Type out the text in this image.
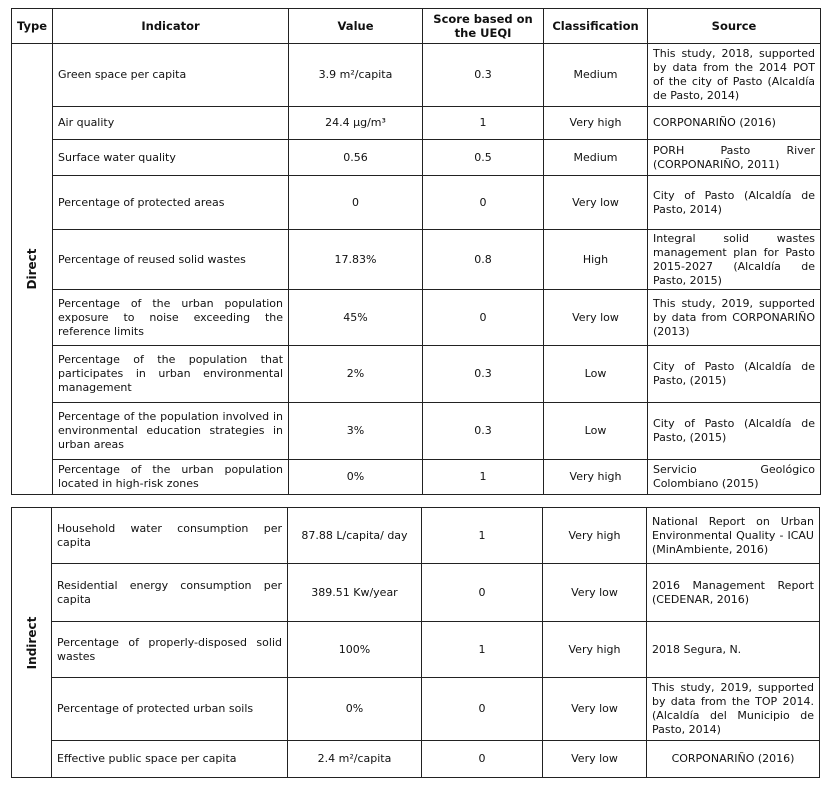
Type	Indicator	Value	Score based on the UEQI	Classification	Source

Direct	Green space per capita	3.9 m²/capita	0.3	Medium	This study, 2018, supported by data from the 2014 POT of the city of Pasto (Alcaldía de Pasto, 2014)
	Air quality	24.4 μg/m³	1	Very high	CORPONARIÑO (2016)
	Surface water quality	0.56	0.5	Medium	PORH Pasto River (CORPONARIÑO, 2011)
	Percentage of protected areas	0	0	Very low	City of Pasto (Alcaldía de Pasto, 2014)
	Percentage of reused solid wastes	17.83%	0.8	High	Integral solid wastes management plan for Pasto 2015-2027 (Alcaldía de Pasto, 2015)
	Percentage of the urban population exposure to noise exceeding the reference limits	45%	0	Very low	This study, 2019, supported by data from CORPONARIÑO (2013)
	Percentage of the population that participates in urban environmental management	2%	0.3	Low	City of Pasto (Alcaldía de Pasto, (2015)
	Percentage of the population involved in environmental education strategies in urban areas	3%	0.3	Low	City of Pasto (Alcaldía de Pasto, (2015)
	Percentage of the urban population located in high-risk zones	0%	1	Very high	Servicio Geológico Colombiano (2015)
Indirect	Household water consumption per capita	87.88 L/capita/ day	1	Very high	National Report on Urban Environmental Quality - ICAU (MinAmbiente, 2016)
	Residential energy consumption per capita	389.51 Kw/year	0	Very low	2016 Management Report (CEDENAR, 2016)
	Percentage of properly-disposed solid wastes	100%	1	Very high	2018 Segura, N.
	Percentage of protected urban soils	0%	0	Very low	This study, 2019, supported by data from the TOP 2014. (Alcaldía del Municipio de Pasto, 2014)
	Effective public space per capita	2.4 m²/capita	0	Very low	CORPONARIÑO (2016)
